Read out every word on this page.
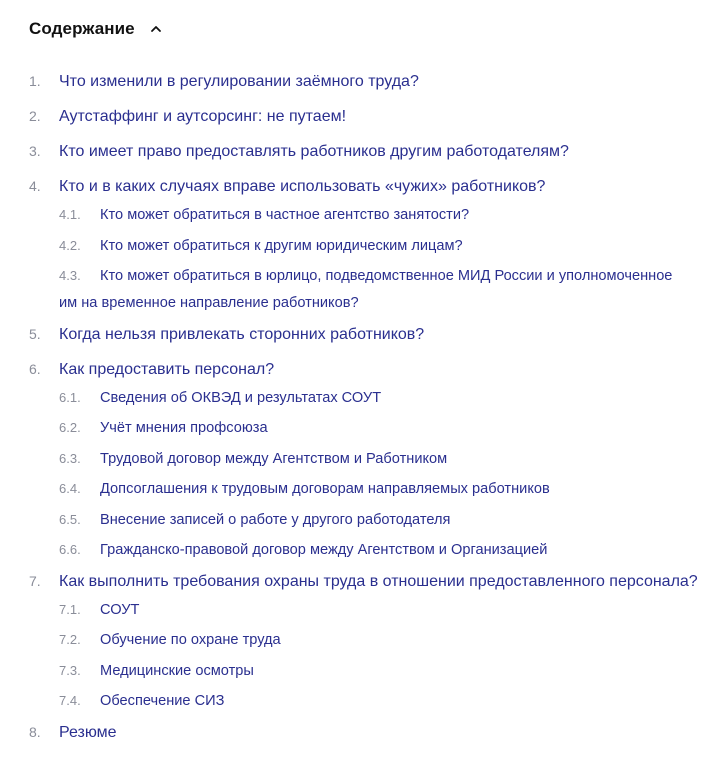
Содержание
1. Что изменили в регулировании заёмного труда?
2. Аутстаффинг и аутсорсинг: не путаем!
3. Кто имеет право предоставлять работников другим работодателям?
4. Кто и в каких случаях вправе использовать «чужих» работников?
4.1. Кто может обратиться в частное агентство занятости?
4.2. Кто может обратиться к другим юридическим лицам?
4.3. Кто может обратиться в юрлицо, подведомственное МИД России и уполномоченное им на временное направление работников?
5. Когда нельзя привлекать сторонних работников?
6. Как предоставить персонал?
6.1. Сведения об ОКВЭД и результатах СОУТ
6.2. Учёт мнения профсоюза
6.3. Трудовой договор между Агентством и Работником
6.4. Допсоглашения к трудовым договорам направляемых работников
6.5. Внесение записей о работе у другого работодателя
6.6. Гражданско-правовой договор между Агентством и Организацией
7. Как выполнить требования охраны труда в отношении предоставленного персонала?
7.1. СОУТ
7.2. Обучение по охране труда
7.3. Медицинские осмотры
7.4. Обеспечение СИЗ
8. Резюме
